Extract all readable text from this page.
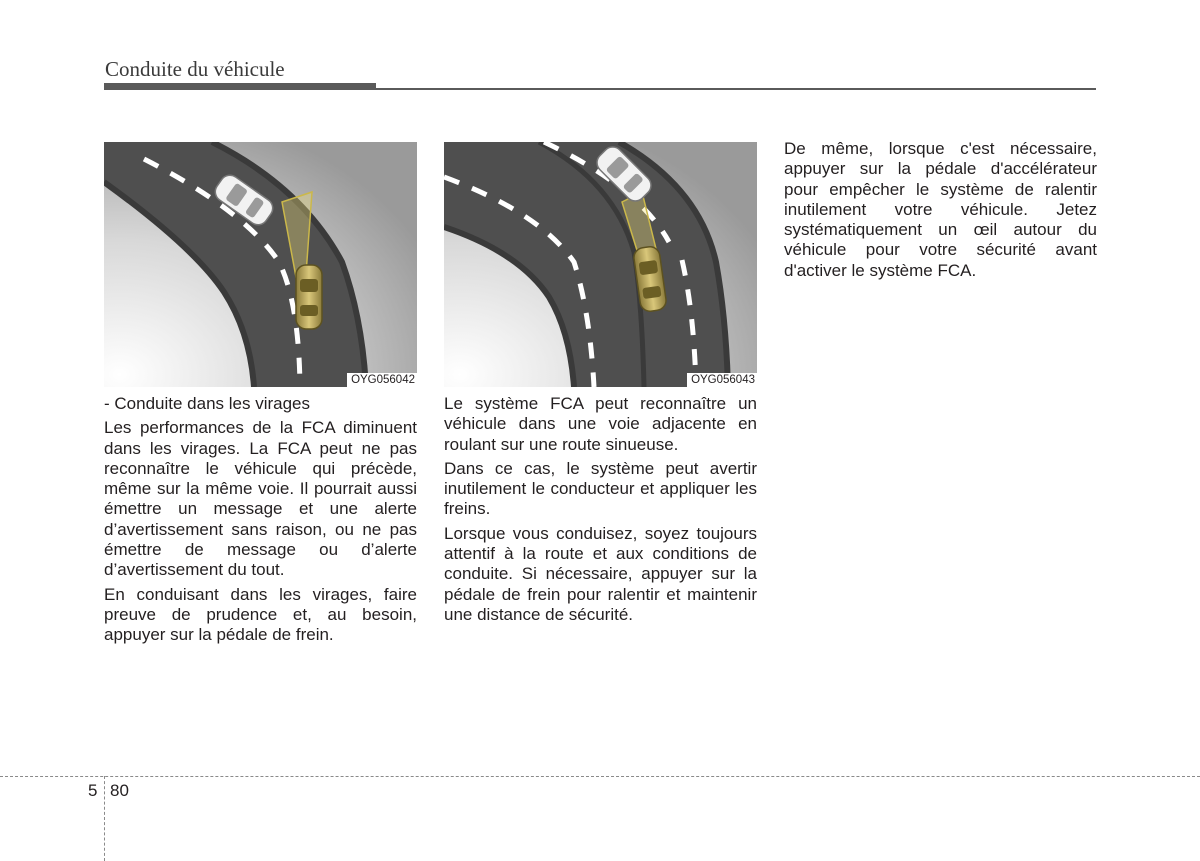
Conduite du véhicule
OYG056042	OYG056043

- Conduite dans les virages

Les performances de la FCA diminuent dans les virages. La FCA peut ne pas reconnaître le véhicule qui précède, même sur la même voie. Il pourrait aussi émettre un message et une alerte d’avertissement sans raison, ou ne pas émettre de message ou d’alerte d’avertissement du tout.

En conduisant dans les virages, faire preuve de prudence et, au besoin, appuyer sur la pédale de frein.

Le système FCA peut reconnaître un véhicule dans une voie adjacente en roulant sur une route sinueuse.

Dans ce cas, le système peut avertir inutilement le conducteur et appliquer les freins.

Lorsque vous conduisez, soyez toujours attentif à la route et aux conditions de conduite. Si nécessaire, appuyer sur la pédale de frein pour ralentir et maintenir une distance de sécurité.

De même, lorsque c'est nécessaire, appuyer sur la pédale d'accélérateur pour empêcher le système de ralentir inutilement votre véhicule. Jetez systématiquement un œil autour du véhicule pour votre sécurité avant d'activer le système FCA.

5 80
